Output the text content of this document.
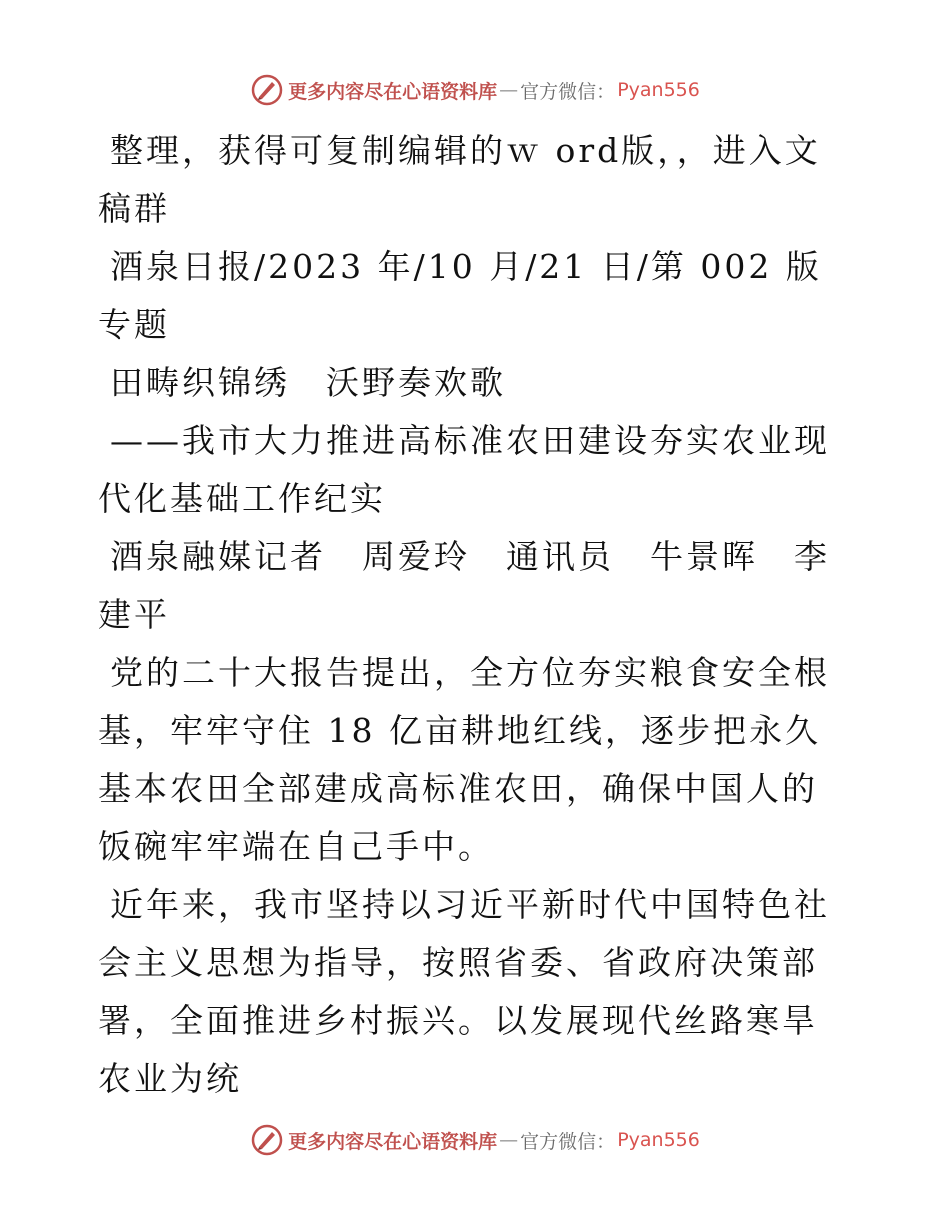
更多内容尽在心语资料库 — 官方微信： Pyan556

整理，获得可复制编辑的ｗ ord版，，进入文稿群

酒泉日报/2023 年/10 月/21 日/第 002 版专题

田畴织锦绣　沃野奏欢歌

——我市大力推进高标准农田建设夯实农业现代化基础工作纪实

酒泉融媒记者　周爱玲　通讯员　牛景晖　李建平

党的二十大报告提出，全方位夯实粮食安全根基，牢牢守住 18 亿亩耕地红线，逐步把永久基本农田全部建成高标准农田，确保中国人的饭碗牢牢端在自己手中。

近年来，我市坚持以习近平新时代中国特色社会主义思想为指导，按照省委、省政府决策部署，全面推进乡村振兴。以发展现代丝路寒旱农业为统

更多内容尽在心语资料库 — 官方微信： Pyan556
